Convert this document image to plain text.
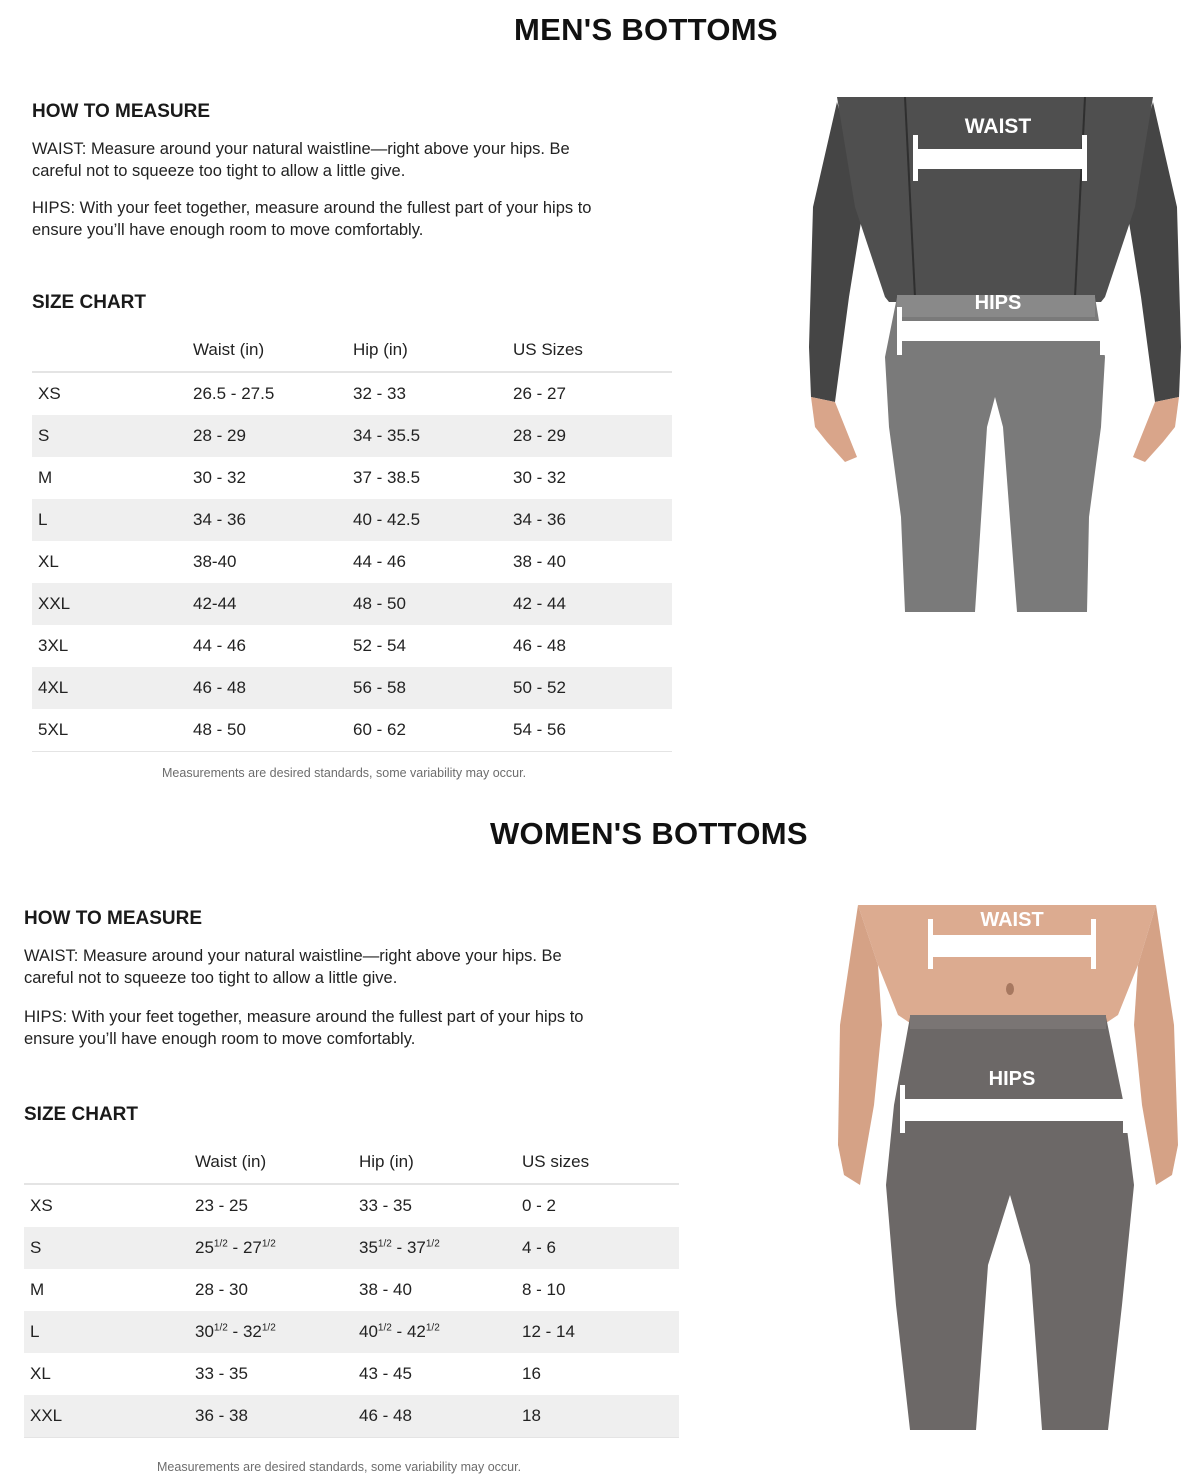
MEN'S BOTTOMS
HOW TO MEASURE

WAIST: Measure around your natural waistline—right above your hips. Be careful not to squeeze too tight to allow a little give.

HIPS: With your feet together, measure around the fullest part of your hips to ensure you’ll have enough room to move comfortably.

SIZE CHART
	Waist (in)	Hip (in)	US Sizes
XS	26.5 - 27.5	32 - 33	26 - 27
S	28 - 29	34 - 35.5	28 - 29
M	30 - 32	37 - 38.5	30 - 32
L	34 - 36	40 - 42.5	34 - 36
XL	38-40	44 - 46	38 - 40
XXL	42-44	48 - 50	42 - 44
3XL	44 - 46	52 - 54	46 - 48
4XL	46 - 48	56 - 58	50 - 52
5XL	48 - 50	60 - 62	54 - 56

Measurements are desired standards, some variability may occur.

WAIST
HIPS
WOMEN'S BOTTOMS
HOW TO MEASURE

WAIST: Measure around your natural waistline—right above your hips. Be careful not to squeeze too tight to allow a little give.

HIPS: With your feet together, measure around the fullest part of your hips to ensure you’ll have enough room to move comfortably.

SIZE CHART
	Waist (in)	Hip (in)	US sizes
XS	23 - 25	33 - 35	0 - 2
S	$25^{1/2} - 27^{1/2}$	$35^{1/2} - 37^{1/2}$	4 - 6
M	28 - 30	38 - 40	8 - 10
L	$30^{1/2} - 32^{1/2}$	$40^{1/2} - 42^{1/2}$	12 - 14
XL	33 - 35	43 - 45	16
XXL	36 - 38	46 - 48	18

Measurements are desired standards, some variability may occur.

WAIST
HIPS
